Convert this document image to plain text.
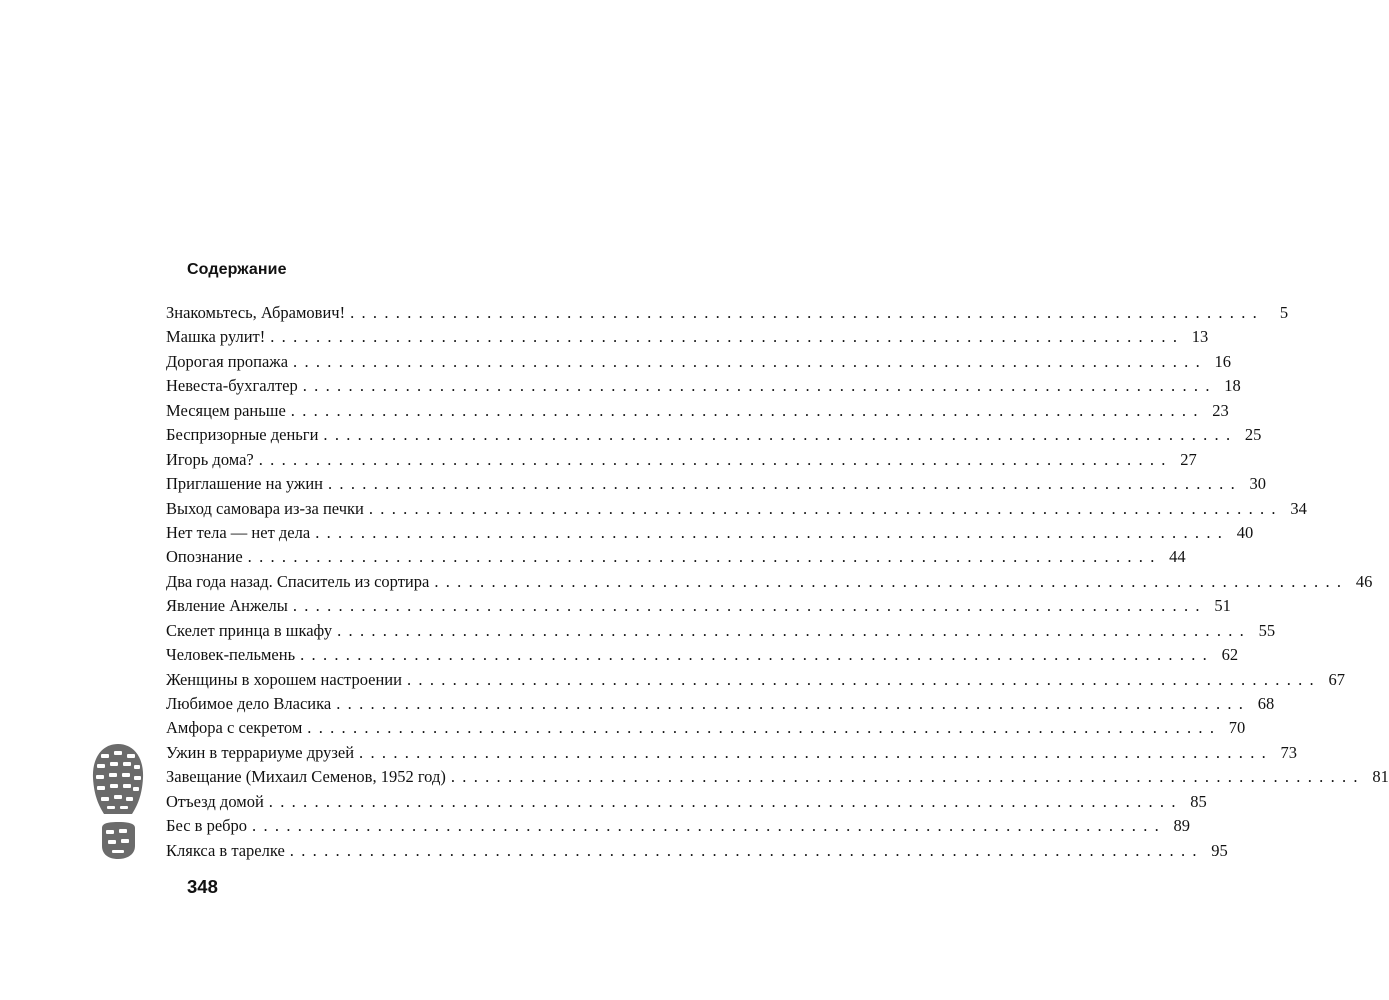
Содержание
Знакомьтесь, Абрамович! ................................................................................ 5
Машка рулит! ................................................................................ 13
Дорогая пропажа ................................................................................ 16
Невеста-бухгалтер ................................................................................ 18
Месяцем раньше ................................................................................ 23
Беспризорные деньги ................................................................................ 25
Игорь дома? ................................................................................ 27
Приглашение на ужин ................................................................................ 30
Выход самовара из-за печки ................................................................................ 34
Нет тела — нет дела ................................................................................ 40
Опознание ................................................................................ 44
Два года назад. Спаситель из сортира ................................................................................ 46
Явление Анжелы ................................................................................ 51
Скелет принца в шкафу ................................................................................ 55
Человек-пельмень ................................................................................ 62
Женщины в хорошем настроении ................................................................................ 67
Любимое дело Власика ................................................................................ 68
Амфора с секретом ................................................................................ 70
Ужин в террариуме друзей ................................................................................ 73
Завещание (Михаил Семенов, 1952 год) ................................................................................ 81
Отъезд домой ................................................................................ 85
Бес в ребро ................................................................................ 89
Клякса в тарелке ................................................................................ 95
348
